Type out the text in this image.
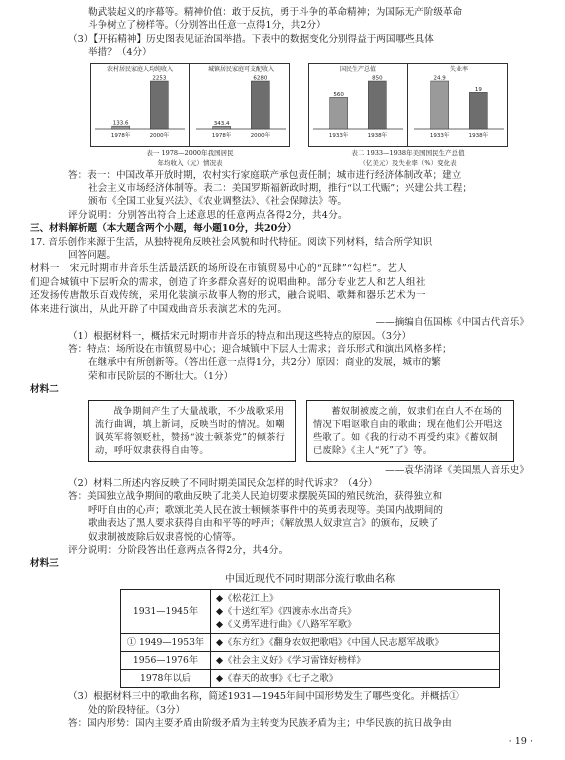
勒武装起义的序幕等。精神价值：敢于反抗，勇于斗争的革命精神；为国际无产阶级革命
斗争树立了榜样等。（分别答出任意一点得1分，共2分）
（3）【开拓精神】历史图表见证治国举措。下表中的数据变化分别得益于两国哪些具体
举措？（4分）
农村居民家庭人均纯收入
133.6
1978年
2253
2000年
城镇居民家庭可支配收入
343.4
1978年
6280
2000年
表一 1978—2000年我国居民
年均收入（元）情况表
国民生产总值
560
1933年
850
1938年
失业率
24.9
1933年
19
1938年
表二 1933—1938年美国国民生产总值
（亿美元）及失业率（%）变化表
答：表一：中国改革开放时期，农村实行家庭联产承包责任制；城市进行经济体制改革；建立
社会主义市场经济体制等。表二：美国罗斯福新政时期，推行“以工代赈”；兴建公共工程；
颁布《全国工业复兴法》、《农业调整法》、《社会保障法》等。
评分说明：分别答出符合上述意思的任意两点各得2分，共4分。
三、材料解析题（本大题含两个小题，每小题10分，共20分）
17. 音乐创作来源于生活，从独特视角反映社会风貌和时代特征。阅读下列材料，结合所学知识
回答问题。
材料一　宋元时期市井音乐生活最活跃的场所设在市镇贸易中心的“瓦肆”“勾栏”。艺人
们迎合城镇中下层听众的需求，创造了许多群众喜好的说唱曲种。部分专业艺人和艺人组社
还发扬传唐散乐百戏传统，采用化装演示故事人物的形式，融合说唱、歌舞和器乐艺术为一
体来进行演出，从此开辟了中国戏曲音乐表演艺术的先河。
——摘编自伍国栋《中国古代音乐》
（1）根据材料一，概括宋元时期市井音乐的特点和出现这些特点的原因。（3分）
答：特点：场所设在市镇贸易中心；迎合城镇中下层人士需求；音乐形式和演出风格多样；
在继承中有所创新等。（答出任意一点得1分，共2分）原因：商业的发展，城市的繁
荣和市民阶层的不断壮大。（1分）
材料二
战争期间产生了大量战歌，不少战歌采用流行曲调，填上新词，反映当时的情况。如嘲讽英军将领贬杜，赞扬“波士顿茶党”的倾茶行动，呼吁奴隶获得自由等。
蓄奴制被废之前，奴隶们在白人不在场的情况下唱讴歌自由的歌曲；现在他们公开唱这些歌了。如《我的行动不再受约束》《蓄奴制已废除》《主人“死”了》等。
——袁华清译《美国黑人音乐史》
（2）材料二所述内容反映了不同时期美国民众怎样的时代诉求？（4分）
答：美国独立战争期间的歌曲反映了北美人民迫切要求摆脱英国的殖民统治，获得独立和
呼吁自由的心声；歌颂北美人民在波士顿倾茶事件中的英勇表现等。美国内战期间的
歌曲表达了黑人要求获得自由和平等的呼声；《解放黑人奴隶宣言》的颁布，反映了
奴隶制被废除后奴隶喜悦的心情等。
评分说明：分阶段答出任意两点各得2分，共4分。
材料三
中国近现代不同时期部分流行歌曲名称
1931—1945年	◆《松花江上》
◆《十送红军》《四渡赤水出奇兵》
◆《义勇军进行曲》《八路军军歌》

① 1949—1953年	◆《东方红》《翻身农奴把歌唱》《中国人民志愿军战歌》

1956—1976年	◆《社会主义好》《学习雷锋好榜样》

1978年以后	◆《春天的故事》《七子之歌》
（3）根据材料三中的歌曲名称，简述1931—1945年间中国形势发生了哪些变化。并概括①
处的阶段特征。（3分）
答：国内形势：国内主要矛盾由阶级矛盾为主转变为民族矛盾为主；中华民族的抗日战争由
· 19 ·
